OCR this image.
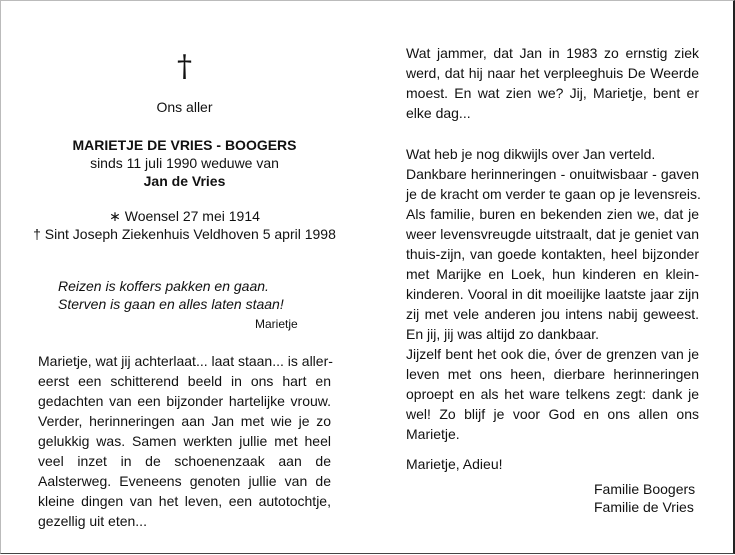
†
Ons aller
MARIETJE DE VRIES - BOOGERS
sinds 11 juli 1990 weduwe van
Jan de Vries
∗ Woensel 27 mei 1914
† Sint Joseph Ziekenhuis Veldhoven 5 april 1998
Reizen is koffers pakken en gaan.
Sterven is gaan en alles laten staan!
Marietje
Marietje, wat jij achterlaat... laat staan... is aller-
eerst een schitterend beeld in ons hart en
gedachten van een bijzonder hartelijke vrouw.
Verder, herinneringen aan Jan met wie je zo
gelukkig was. Samen werkten jullie met heel
veel inzet in de schoenenzaak aan de
Aalsterweg. Eveneens genoten jullie van de
kleine dingen van het leven, een autotochtje,
gezellig uit eten...
Wat jammer, dat Jan in 1983 zo ernstig ziek
werd, dat hij naar het verpleeghuis De Weerde
moest. En wat zien we? Jij, Marietje, bent er
elke dag...
Wat heb je nog dikwijls over Jan verteld.
Dankbare herinneringen - onuitwisbaar - gaven
je de kracht om verder te gaan op je levensreis.
Als familie, buren en bekenden zien we, dat je
weer levensvreugde uitstraalt, dat je geniet van
thuis-zijn, van goede kontakten, heel bijzonder
met Marijke en Loek, hun kinderen en klein-
kinderen. Vooral in dit moeilijke laatste jaar zijn
zij met vele anderen jou intens nabij geweest.
En jij, jij was altijd zo dankbaar.
Jijzelf bent het ook die, óver de grenzen van je
leven met ons heen, dierbare herinneringen
oproept en als het ware telkens zegt: dank je
wel! Zo blijf je voor God en ons allen ons
Marietje.
Marietje, Adieu!
Familie Boogers
Familie de Vries
